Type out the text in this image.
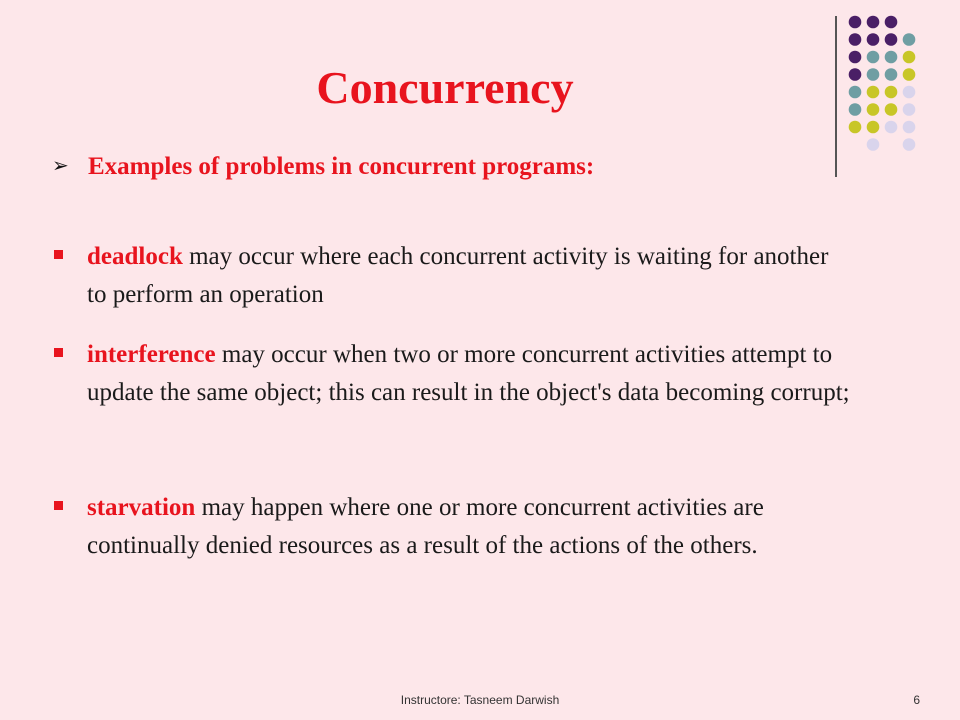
Concurrency
➢ Examples of problems in concurrent programs:
deadlock may occur where each concurrent activity is waiting for another to perform an operation
interference may occur when two or more concurrent activities attempt to update the same object; this can result in the object's data becoming corrupt;
starvation may happen where one or more concurrent activities are continually denied resources as a result of the actions of the others.
Instructore: Tasneem Darwish	6
